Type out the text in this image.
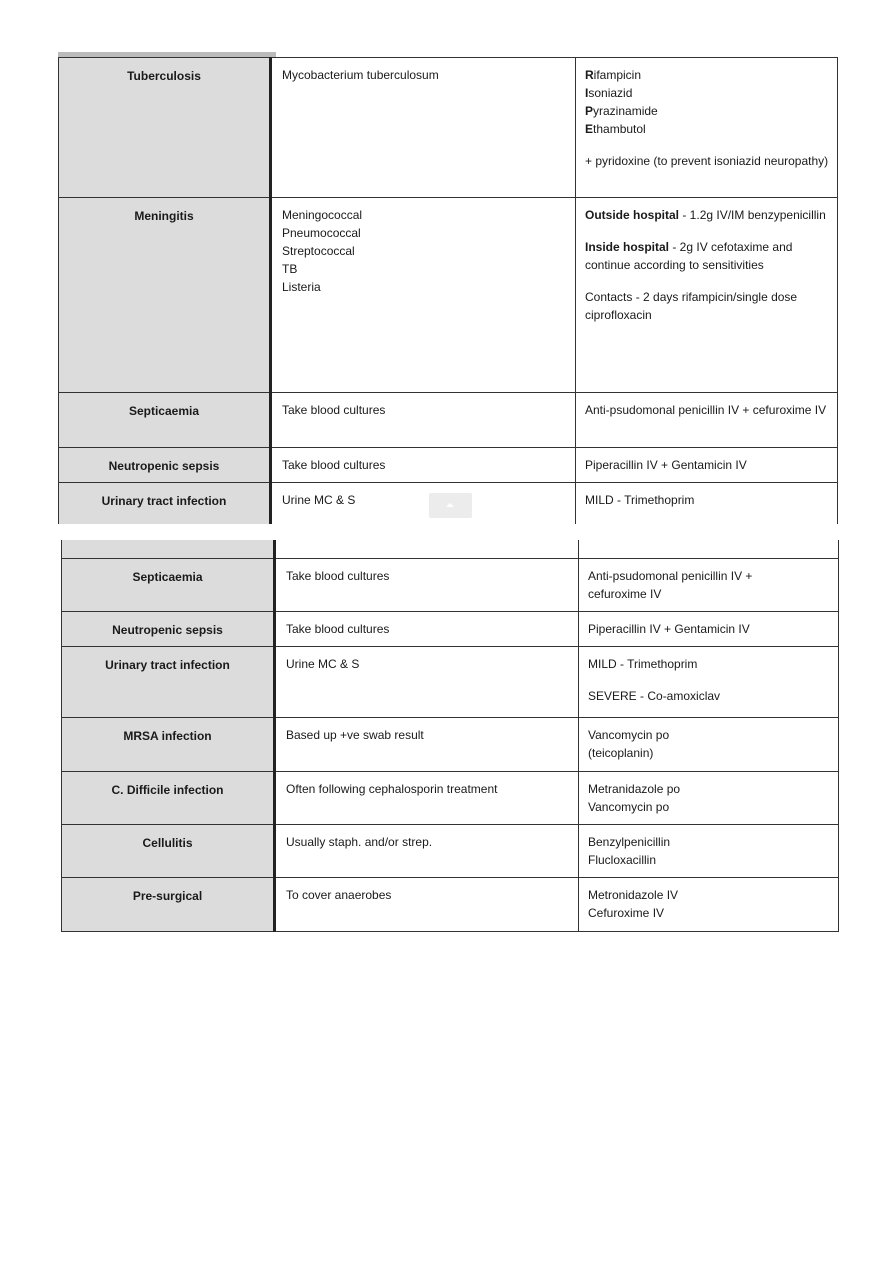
Tuberculosis	Mycobacterium tuberculosum	Rifampicin
Isoniazid
Pyrazinamide
Ethambutol
+ pyridoxine (to prevent isoniazid neuropathy)

Meningitis	Meningococcal
Pneumococcal
Streptococcal
TB
Listeria	Outside hospital - 1.2g IV/IM benzypenicillin
Inside hospital - 2g IV cefotaxime and continue according to sensitivities
Contacts - 2 days rifampicin/single dose ciprofloxacin

Septicaemia	Take blood cultures	Anti-psudomonal penicillin IV + cefuroxime IV
Neutropenic sepsis	Take blood cultures	Piperacillin IV + Gentamicin IV
Urinary tract infection	Urine MC & S	MILD - Trimethoprim

Septicaemia	Take blood cultures	Anti-psudomonal penicillin IV +
cefuroxime IV

Neutropenic sepsis	Take blood cultures	Piperacillin IV + Gentamicin IV

Urinary tract infection	Urine MC & S	MILD - Trimethoprim
SEVERE - Co-amoxiclav

MRSA infection	Based up +ve swab result	Vancomycin po
(teicoplanin)

C. Difficile infection	Often following cephalosporin treatment	Metranidazole po
Vancomycin po

Cellulitis	Usually staph. and/or strep.	Benzylpenicillin
Flucloxacillin

Pre-surgical	To cover anaerobes	Metronidazole IV
Cefuroxime IV
